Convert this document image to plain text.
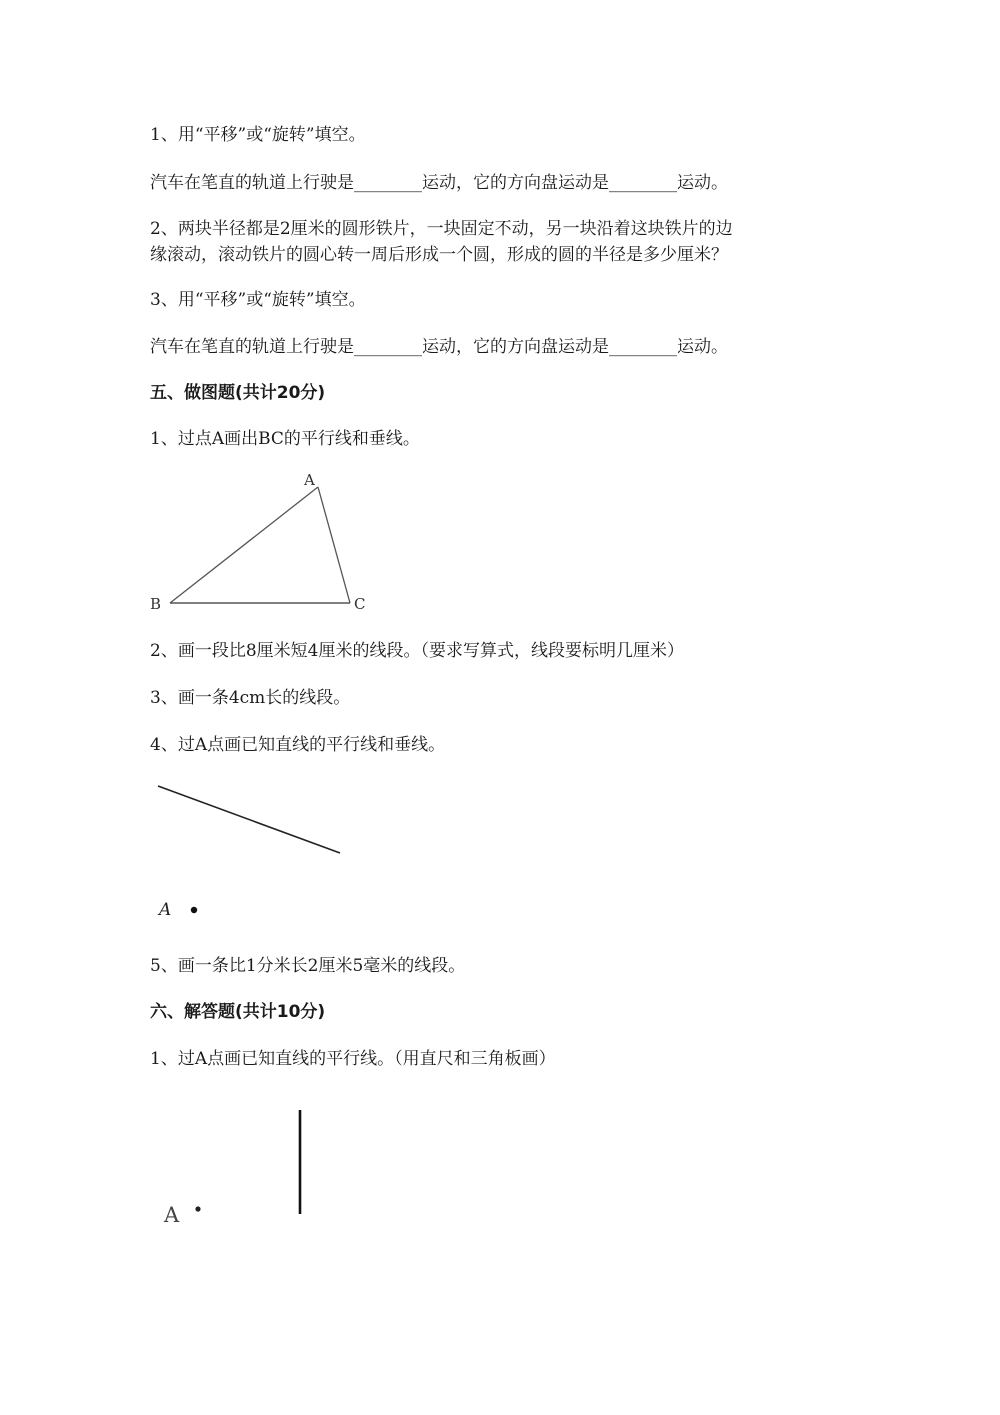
1、用“平移”或“旋转”填空。
汽车在笔直的轨道上行驶是________运动，它的方向盘运动是________运动。
2、两块半径都是2厘米的圆形铁片，一块固定不动，另一块沿着这块铁片的边
缘滚动，滚动铁片的圆心转一周后形成一个圆，形成的圆的半径是多少厘米？
3、用“平移”或“旋转”填空。
汽车在笔直的轨道上行驶是________运动，它的方向盘运动是________运动。
五、做图题(共计20分)
1、过点A画出BC的平行线和垂线。
A
B	C
2、画一段比8厘米短4厘米的线段。（要求写算式，线段要标明几厘米）
3、画一条4cm长的线段。
4、过A点画已知直线的平行线和垂线。
A
5、画一条比1分米长2厘米5毫米的线段。
六、解答题(共计10分)
1、过A点画已知直线的平行线。（用直尺和三角板画）
A
